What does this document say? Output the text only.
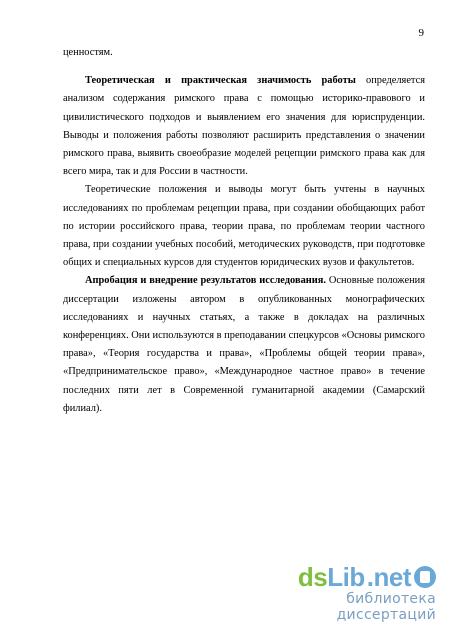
9

ценностям.

Теоретическая и практическая значимость работы определяется анализом содержания римского права с помощью историко-правового и цивилистического подходов и выявлением его значения для юриспруденции. Выводы и положения работы позволяют расширить представления о значении римского права, выявить своеобразие моделей рецепции римского права как для всего мира, так и для России в частности.

Теоретические положения и выводы могут быть учтены в научных исследованиях по проблемам рецепции права, при создании обобщающих работ по истории российского права, теории права, по проблемам теории частного права, при создании учебных пособий, методических руководств, при подготовке общих и специальных курсов для студентов юридических вузов и факультетов.

Апробация и внедрение результатов исследования. Основные положения диссертации изложены автором в опубликованных монографических исследованиях и научных статьях, а также в докладах на различных конференциях. Они используются в преподавании спецкурсов «Основы римского права», «Теория государства и права», «Проблемы общей теории права», «Предпринимательское право», «Международное частное право» в течение последних пяти лет в Современной гуманитарной академии (Самарский филиал).

ds Lib . net
библиотека диссертаций
